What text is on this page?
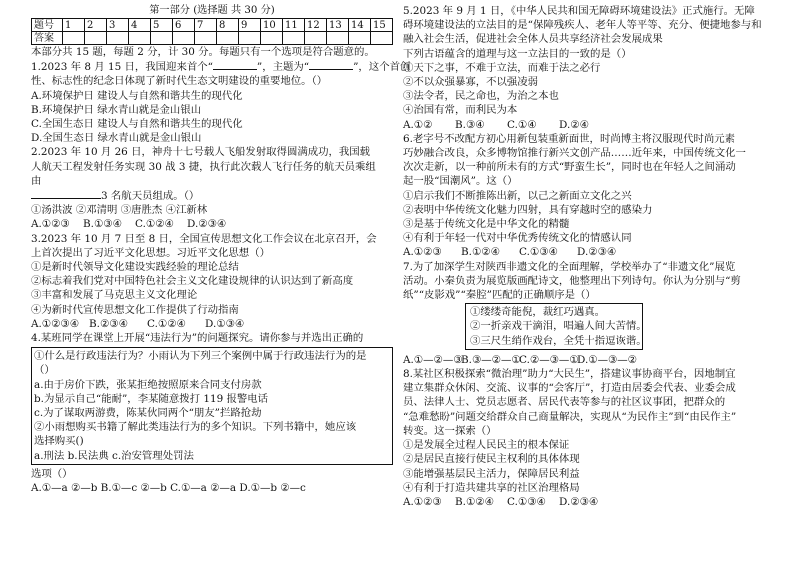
第一部分 (选择题 共 30 分)
题号	1	2	3	4	5	6	7	8	9	10	11	12	13	14	15
答案															
本部分共 15 题，每题 2 分，计 30 分。每题只有一个选项是符合题意的。
1.2023 年 8 月 15 日，我国迎来首个“	”，主题为“	”，这个首创
性、标志性的纪念日体现了新时代生态文明建设的重要地位。（）
A.环境保护日 建设人与自然和谐共生的现代化
B.环境保护日 绿水青山就是金山银山
C.全国生态日 建设人与自然和谐共生的现代化
D.全国生态日 绿水青山就是金山银山
2.2023 年 10 月 26 日，神舟十七号载人飞船发射取得圆满成功，我国载
人航天工程发射任务实现 30 战 3 捷，执行此次载人飞行任务的航天员乘组
由
3 名航天员组成。（）
①汤洪波 ②邓清明 ③唐胜杰 ④江新林
A.①②③ B.①③④ C.①②④ D.②③④
3.2023 年 10 月 7 日至 8 日，全国宣传思想文化工作会议在北京召开，会
上首次提出了习近平文化思想。习近平文化思想（）
①是新时代领导文化建设实践经验的理论总结
②标志着我们党对中国特色社会主义文化建设规律的认识达到了新高度
③丰富和发展了马克思主义文化理论
④为新时代宣传思想文化工作提供了行动指南
A.①②③④ B.②③④ C.①②④ D.①③④
4.某班同学在课堂上开展“违法行为”的问题探究。请你参与并选出正确的
①什么是行政违法行为？小雨认为下列三个案例中属于行政违法行为的是
（）
a.由于房价下跌，张某拒绝按照原来合同支付房款
b.为显示自己“能耐”，李某随意拨打 119 报警电话
c.为了谋取两游费，陈某伙同两个“朋友”拦路抢劫
②小雨想购买书籍了解此类违法行为的多个知识。下列书籍中，她应该
选择购买()
a.刑法 b.民法典 c.治安管理处罚法
选项（）
A.①—a ②—b B.①—c ②—b C.①—a ②—a D.①—b ②—c
5.2023 年 9 月 1 日，《中华人民共和国无障碍环境建设法》正式施行。无障
碍环境建设法的立法目的是“保障残疾人、老年人等平等、充分、便捷地参与和
融入社会生活，促进社会全体人员共享经济社会发展成果
下列古语蕴含的道理与这一立法目的一致的是（）
①天下之事，不难于立法，而难于法之必行
②不以众强暴寡，不以强凌弱
③法令者，民之命也，为治之本也
④治国有常，而利民为本
A.①② B.③④ C.①④ D.②④
6.老字号不改配方初心用新包装重新面世，时尚博主将汉服现代时尚元素
巧妙融合改良，众多博物馆推行新兴文创产品……近年来，中国传统文化一
次次走新，以一种前所未有的方式“野蛮生长”，同时也在年轻人之间涌动
起一股“国潮风”。这（）
①启示我们不断推陈出新，以己之新面立文化之兴
②表明中华传统文化魅力四射，具有穿越时空的感染力
③是基于传统文化是中华文化的精髓
④有利于年轻一代对中华优秀传统文化的情感认同
A.①②③ B.①②④ C.①③④ D.②③④
7.为了加深学生对陕西非遗文化的全面理解，学校举办了“非遗文化”展览
活动。小秦负责为展览版画配诗文，他整理出下列诗句。你认为分别与“剪
纸”“皮影戏”“秦腔”匹配的正确顺序是（）
①缕缕奇能倪，裁红巧遇真。
②一折亲戏干滴泪，唱遍人间大苦情。
③三尺生绡作戏台，全凭十指逗诙谐。
A.①—②—③B.③—②—①C.②—③—①D.①—③—②
8.某社区积极探索“微治理”助力“大民生”，搭建议事协商平台，因地制宜
建立集群众休闲、交流、议事的“会客厅”，打造由居委会代表、业委会成
员、法律人士、党员志愿者、居民代表等参与的社区议事团，把群众的
“急难愁盼”问题交给群众自己商量解决，实现从“为民作主”到“由民作主”
转变。这一探索（）
①是发展全过程人民民主的根本保证
②是居民直接行使民主权利的具体体现
③能增强基层民主活力，保障居民利益
④有利于打造共建共享的社区治理格局
A.①②③ B.①②④ C.①③④ D.②③④
